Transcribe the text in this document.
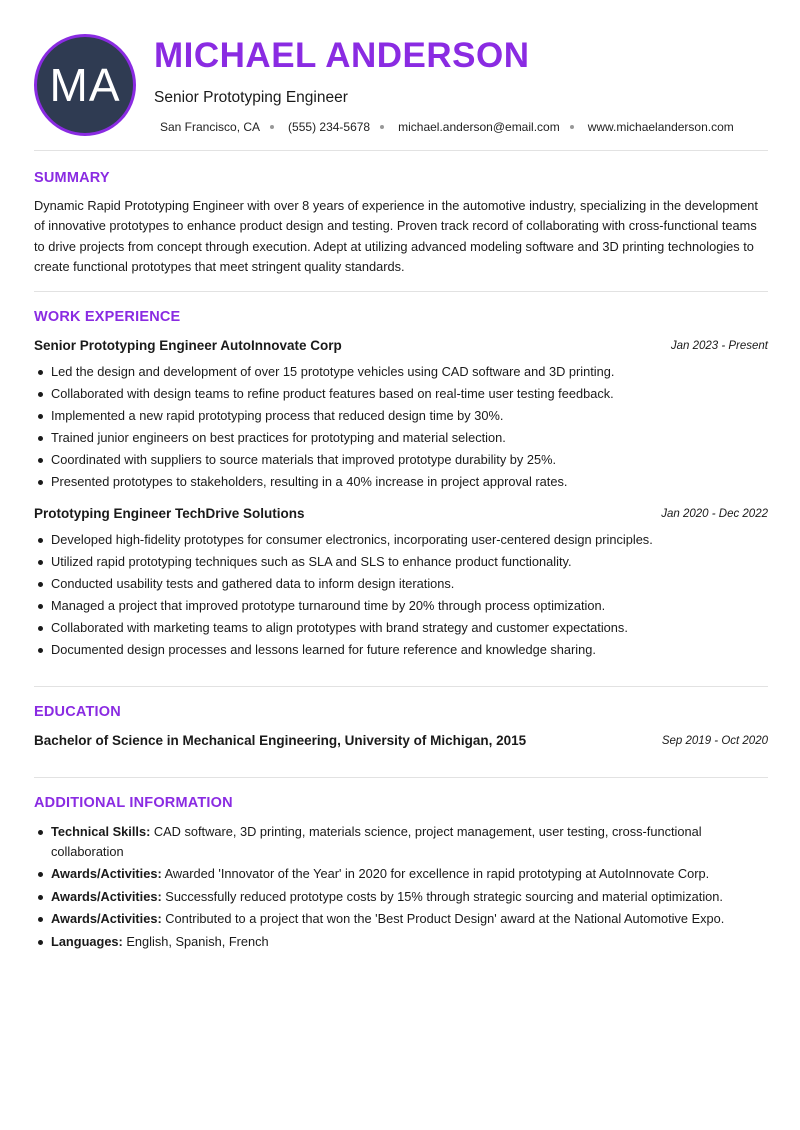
MA
MICHAEL ANDERSON
Senior Prototyping Engineer
San Francisco, CA (555) 234-5678 michael.anderson@email.com www.michaelanderson.com
SUMMARY
Dynamic Rapid Prototyping Engineer with over 8 years of experience in the automotive industry, specializing in the development of innovative prototypes to enhance product design and testing. Proven track record of collaborating with cross-functional teams to drive projects from concept through execution. Adept at utilizing advanced modeling software and 3D printing technologies to create functional prototypes that meet stringent quality standards.
WORK EXPERIENCE
Senior Prototyping Engineer AutoInnovate Corp	Jan 2023 - Present
Led the design and development of over 15 prototype vehicles using CAD software and 3D printing.
Collaborated with design teams to refine product features based on real-time user testing feedback.
Implemented a new rapid prototyping process that reduced design time by 30%.
Trained junior engineers on best practices for prototyping and material selection.
Coordinated with suppliers to source materials that improved prototype durability by 25%.
Presented prototypes to stakeholders, resulting in a 40% increase in project approval rates.
Prototyping Engineer TechDrive Solutions	Jan 2020 - Dec 2022
Developed high-fidelity prototypes for consumer electronics, incorporating user-centered design principles.
Utilized rapid prototyping techniques such as SLA and SLS to enhance product functionality.
Conducted usability tests and gathered data to inform design iterations.
Managed a project that improved prototype turnaround time by 20% through process optimization.
Collaborated with marketing teams to align prototypes with brand strategy and customer expectations.
Documented design processes and lessons learned for future reference and knowledge sharing.
EDUCATION
Bachelor of Science in Mechanical Engineering, University of Michigan, 2015	Sep 2019 - Oct 2020
ADDITIONAL INFORMATION
Technical Skills: CAD software, 3D printing, materials science, project management, user testing, cross-functional collaboration
Awards/Activities: Awarded 'Innovator of the Year' in 2020 for excellence in rapid prototyping at AutoInnovate Corp.
Awards/Activities: Successfully reduced prototype costs by 15% through strategic sourcing and material optimization.
Awards/Activities: Contributed to a project that won the 'Best Product Design' award at the National Automotive Expo.
Languages: English, Spanish, French
